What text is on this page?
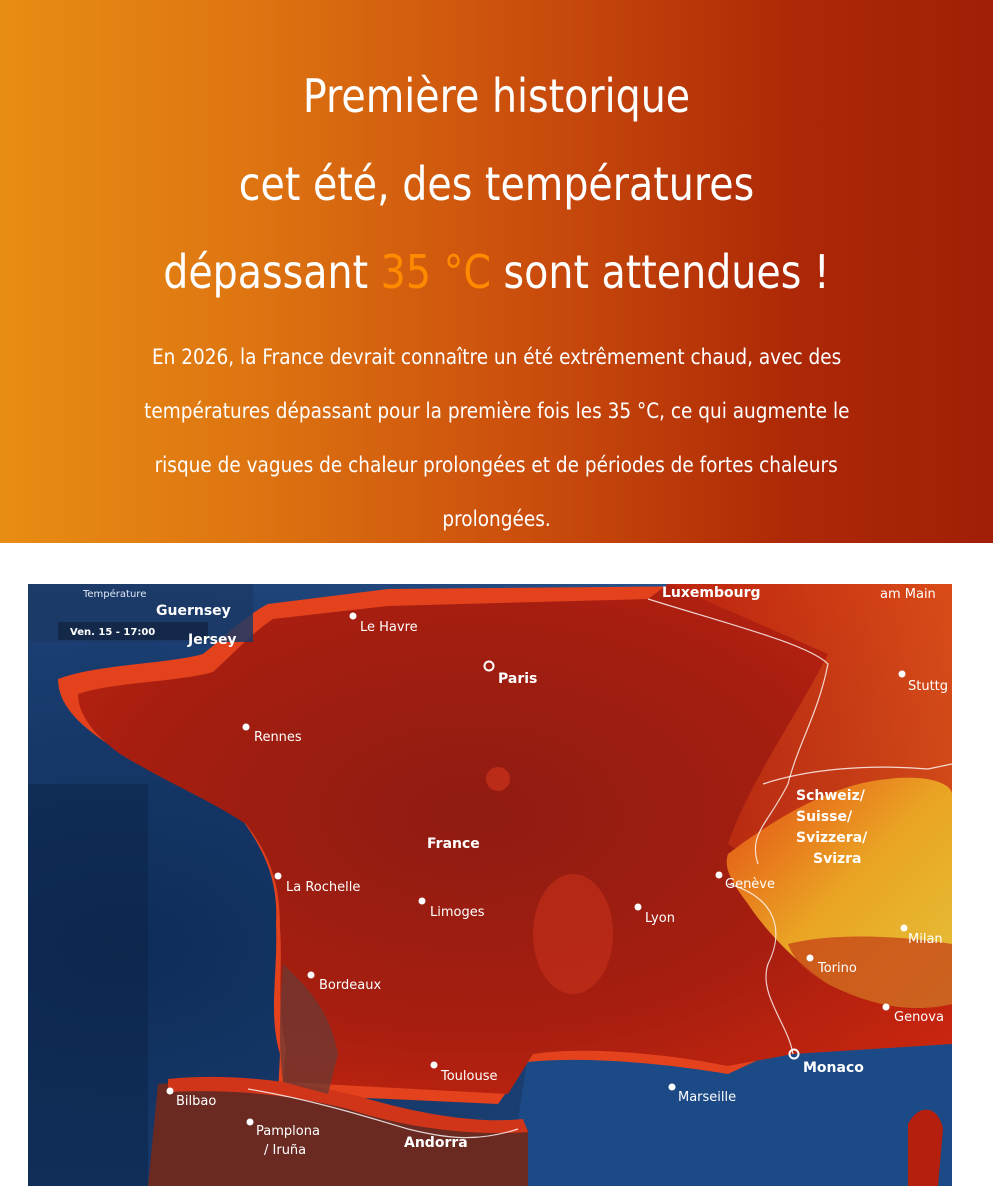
Première historique
cet été, des températures
dépassant 35 °C sont attendues !
En 2026, la France devrait connaître un été extrêmement chaud, avec des
températures dépassant pour la première fois les 35 °C, ce qui augmente le
risque de vagues de chaleur prolongées et de périodes de fortes chaleurs
prolongées.
Température
Ven. 15 - 17:00
Guernsey
Jersey
Le Havre
Luxembourg	am Main
Paris	Stuttg
Rennes
Schweiz/
Suisse/
Svizzera/
Svizra
France
La Rochelle	Genève
Limoges	Lyon
Milan
Torino
Bordeaux
Genova
Monaco
Toulouse
Marseille
Bilbao
Pamplona
/ Iruña	Andorra
